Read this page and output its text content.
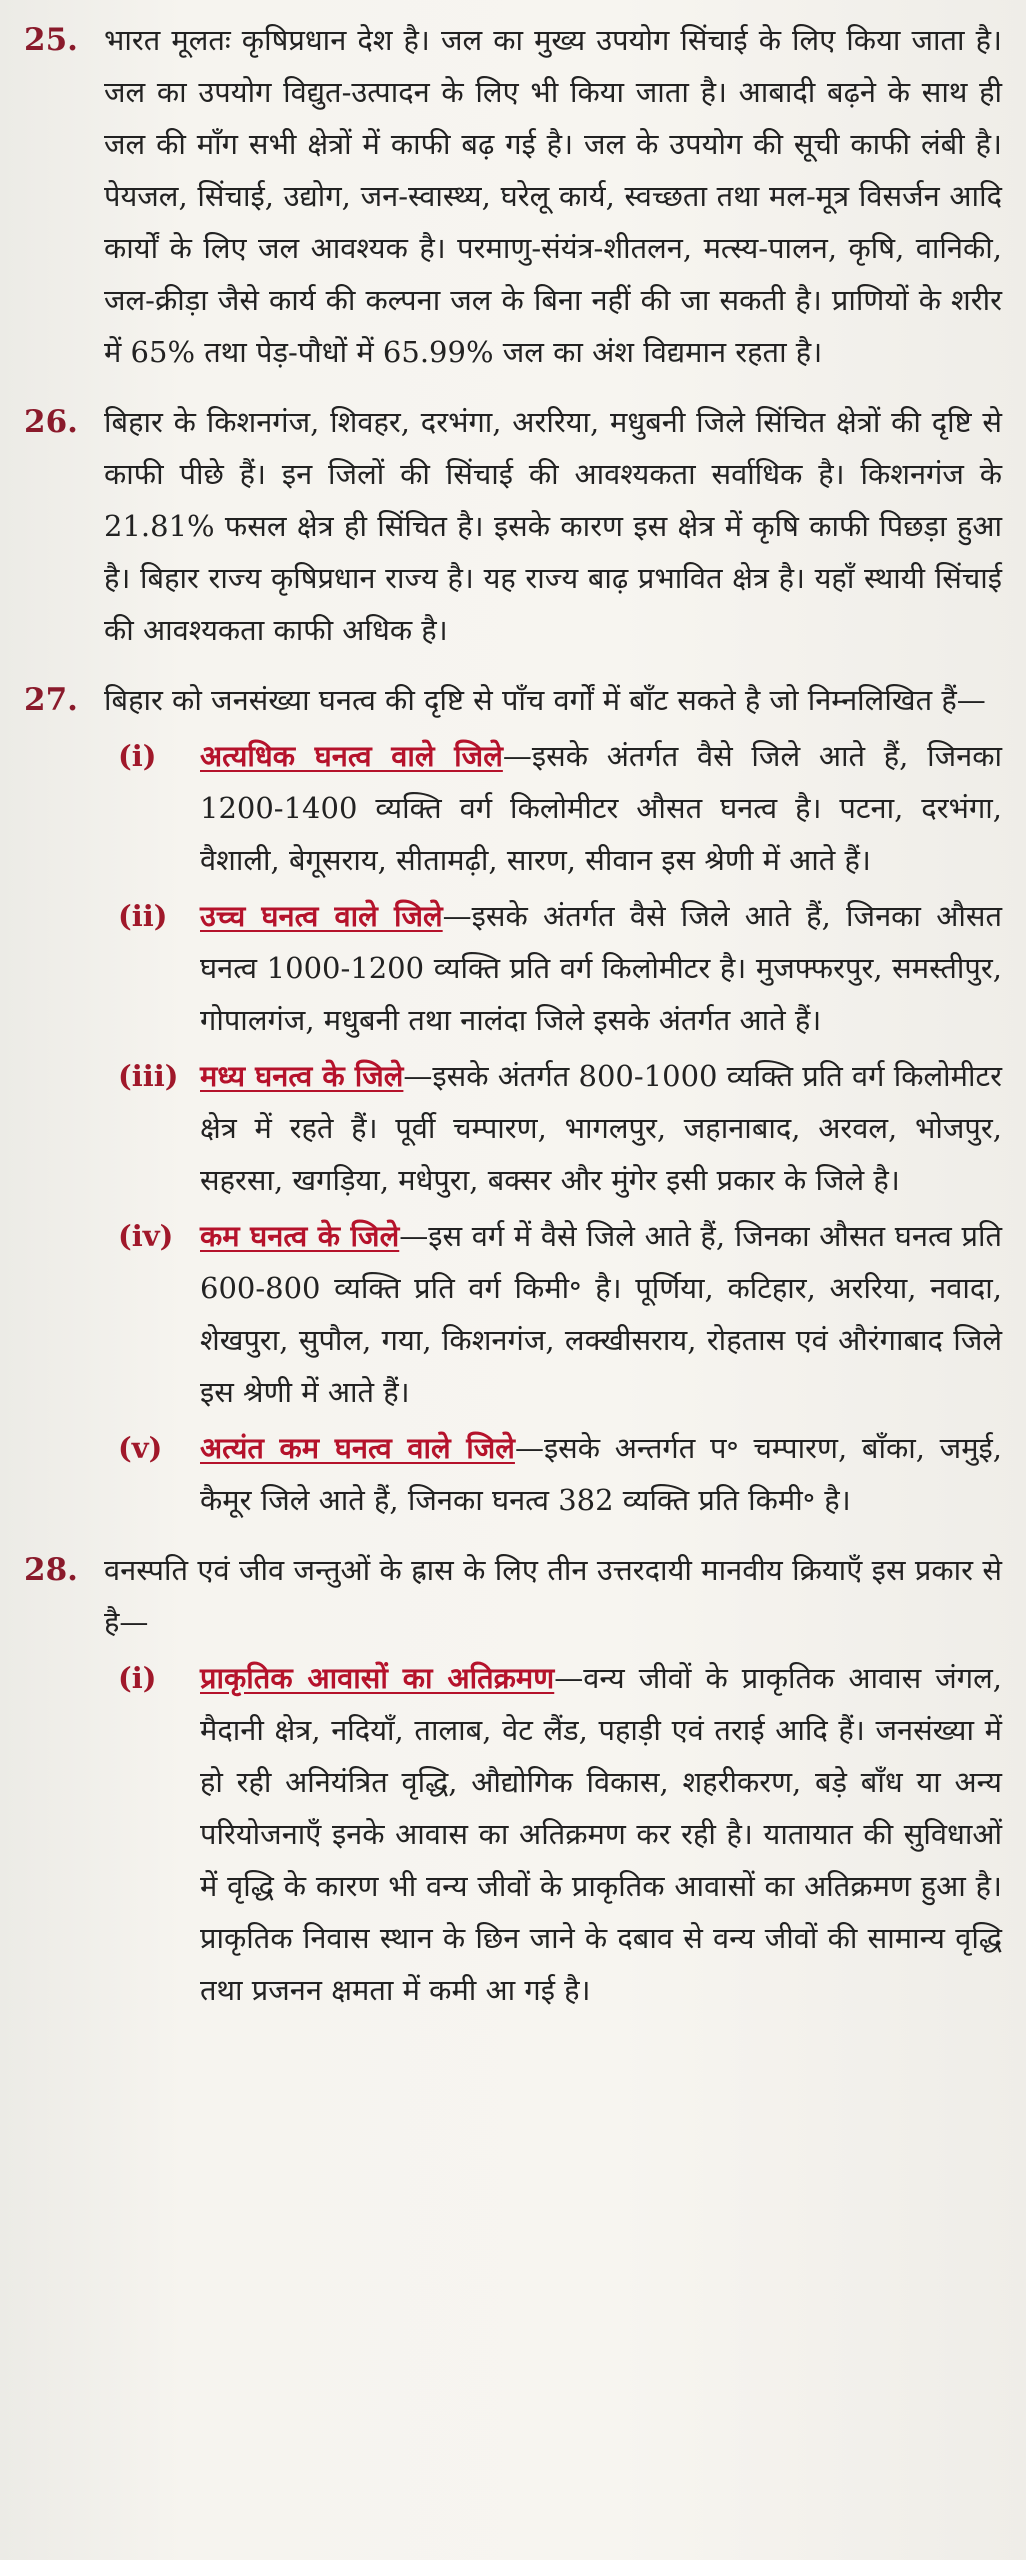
25. भारत मूलतः कृषिप्रधान देश है। जल का मुख्य उपयोग सिंचाई के लिए किया जाता है। जल का उपयोग विद्युत-उत्पादन के लिए भी किया जाता है। आबादी बढ़ने के साथ ही जल की माँग सभी क्षेत्रों में काफी बढ़ गई है। जल के उपयोग की सूची काफी लंबी है। पेयजल, सिंचाई, उद्योग, जन-स्वास्थ्य, घरेलू कार्य, स्वच्छता तथा मल-मूत्र विसर्जन आदि कार्यों के लिए जल आवश्यक है। परमाणु-संयंत्र-शीतलन, मत्स्य-पालन, कृषि, वानिकी, जल-क्रीड़ा जैसे कार्य की कल्पना जल के बिना नहीं की जा सकती है। प्राणियों के शरीर में 65% तथा पेड़-पौधों में 65.99% जल का अंश विद्यमान रहता है।

26. बिहार के किशनगंज, शिवहर, दरभंगा, अररिया, मधुबनी जिले सिंचित क्षेत्रों की दृष्टि से काफी पीछे हैं। इन जिलों की सिंचाई की आवश्यकता सर्वाधिक है। किशनगंज के 21.81% फसल क्षेत्र ही सिंचित है। इसके कारण इस क्षेत्र में कृषि काफी पिछड़ा हुआ है। बिहार राज्य कृषिप्रधान राज्य है। यह राज्य बाढ़ प्रभावित क्षेत्र है। यहाँ स्थायी सिंचाई की आवश्यकता काफी अधिक है।

27. बिहार को जनसंख्या घनत्व की दृष्टि से पाँच वर्गों में बाँट सकते है जो निम्नलिखित हैं—

(i) अत्यधिक घनत्व वाले जिले—इसके अंतर्गत वैसे जिले आते हैं, जिनका 1200-1400 व्यक्ति वर्ग किलोमीटर औसत घनत्व है। पटना, दरभंगा, वैशाली, बेगूसराय, सीतामढ़ी, सारण, सीवान इस श्रेणी में आते हैं।

(ii) उच्च घनत्व वाले जिले—इसके अंतर्गत वैसे जिले आते हैं, जिनका औसत घनत्व 1000-1200 व्यक्ति प्रति वर्ग किलोमीटर है। मुजफ्फरपुर, समस्तीपुर, गोपालगंज, मधुबनी तथा नालंदा जिले इसके अंतर्गत आते हैं।

(iii) मध्य घनत्व के जिले—इसके अंतर्गत 800-1000 व्यक्ति प्रति वर्ग किलोमीटर क्षेत्र में रहते हैं। पूर्वी चम्पारण, भागलपुर, जहानाबाद, अरवल, भोजपुर, सहरसा, खगड़िया, मधेपुरा, बक्सर और मुंगेर इसी प्रकार के जिले है।

(iv) कम घनत्व के जिले—इस वर्ग में वैसे जिले आते हैं, जिनका औसत घनत्व प्रति 600-800 व्यक्ति प्रति वर्ग किमी॰ है। पूर्णिया, कटिहार, अररिया, नवादा, शेखपुरा, सुपौल, गया, किशनगंज, लक्खीसराय, रोहतास एवं औरंगाबाद जिले इस श्रेणी में आते हैं।

(v) अत्यंत कम घनत्व वाले जिले—इसके अन्तर्गत प॰ चम्पारण, बाँका, जमुई, कैमूर जिले आते हैं, जिनका घनत्व 382 व्यक्ति प्रति किमी॰ है।

28. वनस्पति एवं जीव जन्तुओं के ह्रास के लिए तीन उत्तरदायी मानवीय क्रियाएँ इस प्रकार से है—

(i) प्राकृतिक आवासों का अतिक्रमण—वन्य जीवों के प्राकृतिक आवास जंगल, मैदानी क्षेत्र, नदियाँ, तालाब, वेट लैंड, पहाड़ी एवं तराई आदि हैं। जनसंख्या में हो रही अनियंत्रित वृद्धि, औद्योगिक विकास, शहरीकरण, बड़े बाँध या अन्य परियोजनाएँ इनके आवास का अतिक्रमण कर रही है। यातायात की सुविधाओं में वृद्धि के कारण भी वन्य जीवों के प्राकृतिक आवासों का अतिक्रमण हुआ है। प्राकृतिक निवास स्थान के छिन जाने के दबाव से वन्य जीवों की सामान्य वृद्धि तथा प्रजनन क्षमता में कमी आ गई है।
